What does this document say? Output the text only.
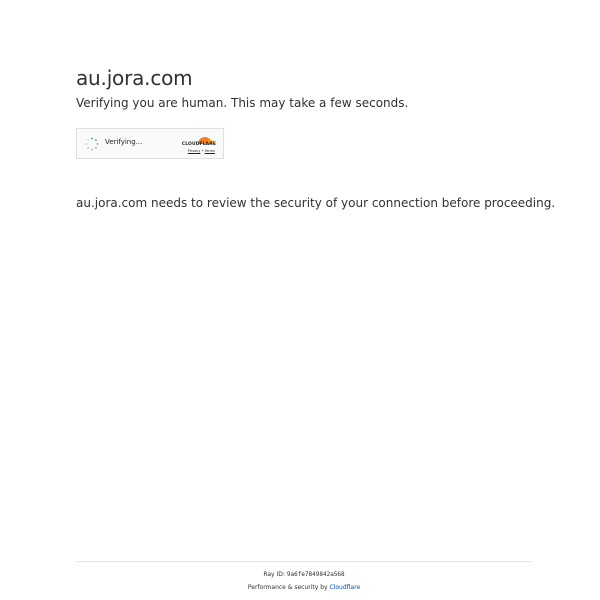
au.jora.com
Verifying you are human. This may take a few seconds.
Verifying...	CLOUDFLARE
Privacy • Terms
au.jora.com needs to review the security of your connection before proceeding.
Ray ID: 9a6fe7849842a568
Performance & security by Cloudflare
